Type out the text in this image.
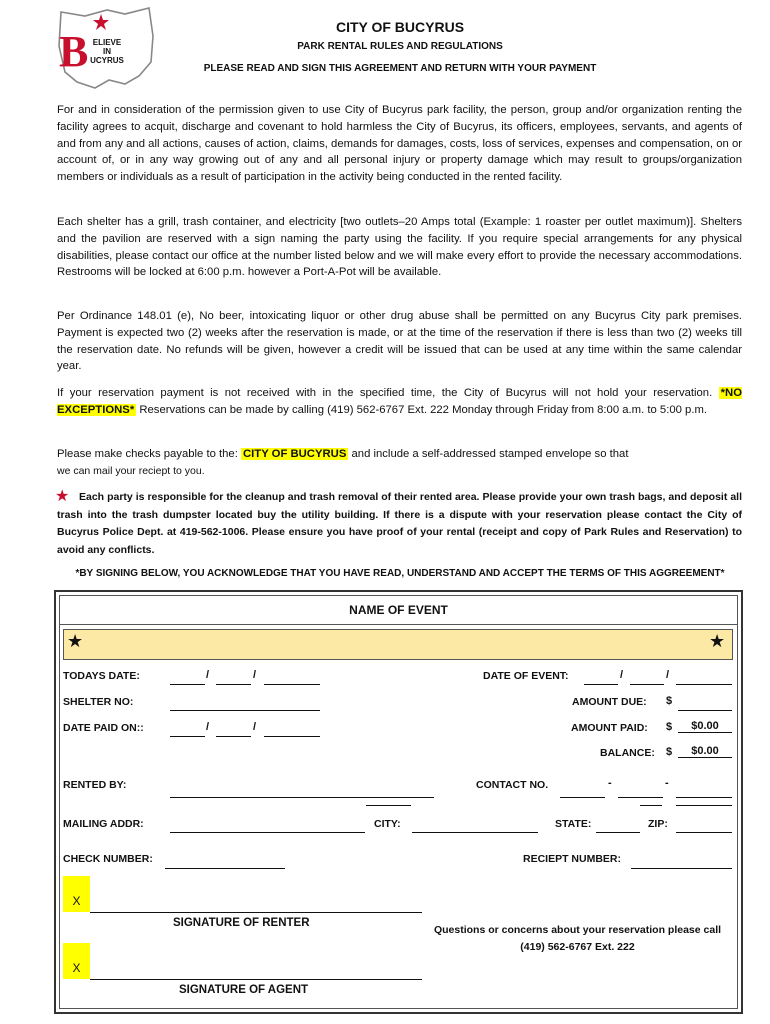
B ELIEVE
IN
UCYRUS
CITY OF BUCYRUS
PARK RENTAL RULES AND REGULATIONS
PLEASE READ AND SIGN THIS AGREEMENT AND RETURN WITH YOUR PAYMENT

For and in consideration of the permission given to use City of Bucyrus park facility, the person, group and/or organization renting the facility agrees to acquit, discharge and covenant to hold harmless the City of Bucyrus, its officers, employees, servants, and agents of and from any and all actions, causes of action, claims, demands for damages, costs, loss of services, expenses and compensation, on or account of, or in any way growing out of any and all personal injury or property damage which may result to groups/organization members or individuals as a result of participation in the activity being conducted in the rented facility.

Each shelter has a grill, trash container, and electricity [two outlets–20 Amps total (Example: 1 roaster per outlet maximum)]. Shelters and the pavilion are reserved with a sign naming the party using the facility. If you require special arrangements for any physical disabilities, please contact our office at the number listed below and we will make every effort to provide the necessary accommodations. Restrooms will be locked at 6:00 p.m. however a Port-A-Pot will be available.

Per Ordinance 148.01 (e), No beer, intoxicating liquor or other drug abuse shall be permitted on any Bucyrus City park premises. Payment is expected two (2) weeks after the reservation is made, or at the time of the reservation if there is less than two (2) weeks till the reservation date. No refunds will be given, however a credit will be issued that can be used at any time within the same calendar year.

If your reservation payment is not received with in the specified time, the City of Bucyrus will not hold your reservation. *NO EXCEPTIONS* Reservations can be made by calling (419) 562-6767 Ext. 222 Monday through Friday from 8:00 a.m. to 5:00 p.m.

Please make checks payable to the: CITY OF BUCYRUS and include a self-addressed stamped envelope so that
we can mail your reciept to you.

★ Each party is responsible for the cleanup and trash removal of their rented area. Please provide your own trash bags, and deposit all trash into the trash dumpster located buy the utility building. If there is a dispute with your reservation please contact the City of Bucyrus Police Dept. at 419-562-1006. Please ensure you have proof of your rental (receipt and copy of Park Rules and Reservation) to avoid any conflicts.

*BY SIGNING BELOW, YOU ACKNOWLEDGE THAT YOU HAVE READ, UNDERSTAND AND ACCEPT THE TERMS OF THIS AGGREEMENT*
NAME OF EVENT
★	★
TODAYS DATE:	/	/	DATE OF EVENT:	/	/
SHELTER NO:	AMOUNT DUE: $
DATE PAID ON::	/	/	AMOUNT PAID: $	$0.00
BALANCE: $	$0.00
RENTED BY:	CONTACT NO.	-	-
MAILING ADDR:	CITY:	STATE:	ZIP:
CHECK NUMBER:	RECIEPT NUMBER:
X
SIGNATURE OF RENTER
X
SIGNATURE OF AGENT
Questions or concerns about your reservation please call
(419) 562-6767 Ext. 222
